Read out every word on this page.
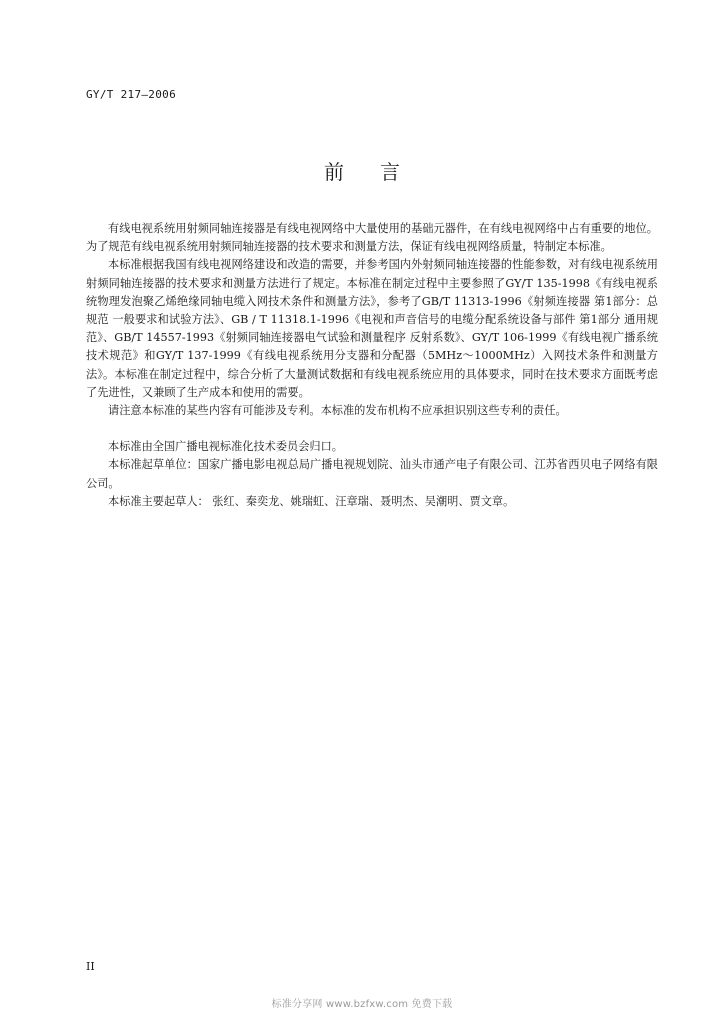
GY/T 217—2006
前言

有线电视系统用射频同轴连接器是有线电视网络中大量使用的基础元器件，在有线电视网络中占有重要的地位。为了规范有线电视系统用射频同轴连接器的技术要求和测量方法，保证有线电视网络质量，特制定本标准。

本标准根据我国有线电视网络建设和改造的需要，并参考国内外射频同轴连接器的性能参数，对有线电视系统用射频同轴连接器的技术要求和测量方法进行了规定。本标准在制定过程中主要参照了GY/T 135-1998《有线电视系统物理发泡聚乙烯绝缘同轴电缆入网技术条件和测量方法》，参考了GB/T 11313-1996《射频连接器 第1部分：总规范 一般要求和试验方法》、GB / T 11318.1-1996《电视和声音信号的电缆分配系统设备与部件 第1部分 通用规范》、GB/T 14557-1993《射频同轴连接器电气试验和测量程序 反射系数》、GY/T 106-1999《有线电视广播系统技术规范》和GY/T 137-1999《有线电视系统用分支器和分配器（5MHz～1000MHz）入网技术条件和测量方法》。本标准在制定过程中，综合分析了大量测试数据和有线电视系统应用的具体要求，同时在技术要求方面既考虑了先进性，又兼顾了生产成本和使用的需要。

请注意本标准的某些内容有可能涉及专利。本标准的发布机构不应承担识别这些专利的责任。

本标准由全国广播电视标准化技术委员会归口。

本标准起草单位：国家广播电影电视总局广播电视规划院、汕头市通产电子有限公司、江苏省西贝电子网络有限公司。

本标准主要起草人： 张红、秦奕龙、姚瑞虹、汪章瑞、聂明杰、吴潮明、贾文章。

II
标准分享网 www.bzfxw.com 免费下载
